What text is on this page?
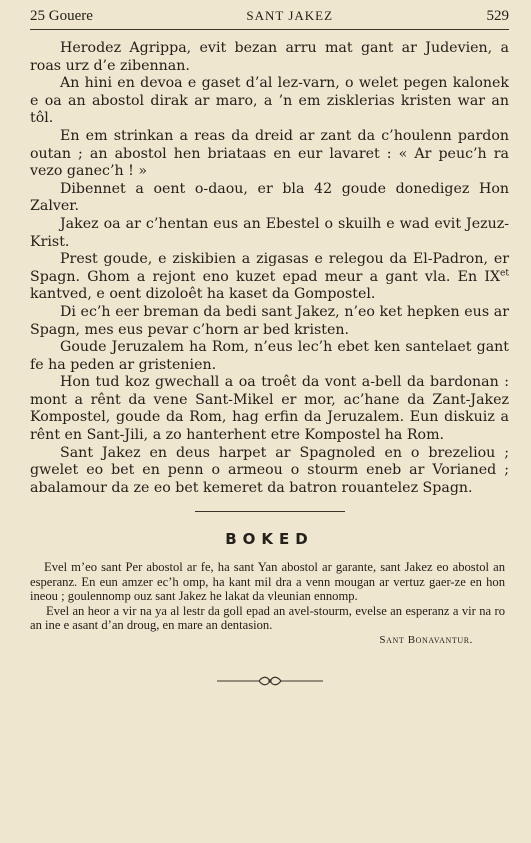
25 Gouere	SANT JAKEZ	529

Herodez Agrippa, evit bezan arru mat gant ar Judevien, a roas urz d’e zibennan.

An hini en devoa e gaset d’al lez-varn, o welet pegen kalonek e oa an abostol dirak ar maro, a ’n em zisklerias kristen war an tôl.

En em strinkan a reas da dreid ar zant da c’houlenn pardon outan ; an abostol hen briataas en eur lavaret : « Ar peuc’h ra vezo ganec’h ! »

Dibennet a oent o-daou, er bla 42 goude donedigez Hon Zalver.

Jakez oa ar c’hentan eus an Ebestel o skuilh e wad evit Jezuz-Krist.

Prest goude, e ziskibien a zigasas e relegou da El-Padron, er Spagn. Ghom a rejont eno kuzet epad meur a gant vla. En $IX^{et}$ kantved, e oent dizoloêt ha kaset da Gompostel.

Di ec’h eer breman da bedi sant Jakez, n’eo ket hepken eus ar Spagn, mes eus pevar c’horn ar bed kristen.

Goude Jeruzalem ha Rom, n’eus lec’h ebet ken santelaet gant fe ha peden ar gristenien.

Hon tud koz gwechall a oa troêt da vont a-bell da bardonan : mont a rênt da vene Sant-Mikel er mor, ac’hane da Zant-Jakez Kompostel, goude da Rom, hag erfin da Jeruzalem. Eun diskuiz a rênt en Sant-Jili, a zo hanterhent etre Kompostel ha Rom.

Sant Jakez en deus harpet ar Spagnoled en o brezeliou ; gwelet eo bet en penn o armeou o stourm eneb ar Vorianed ; abalamour da ze eo bet kemeret da batron rouantelez Spagn.

BOKED

Evel m’eo sant Per abostol ar fe, ha sant Yan abostol ar garante, sant Jakez eo abostol an esperanz. En eun amzer ec’h omp, ha kant mil dra a venn mougan ar vertuz gaer-ze en hon ineou ; goulennomp ouz sant Jakez he lakat da vleunian ennomp.

Evel an heor a vir na ya al lestr da goll epad an avel-stourm, evelse an esperanz a vir na ro an ine e asant d’an droug, en mare an dentasion.

Sant Bonavantur.
